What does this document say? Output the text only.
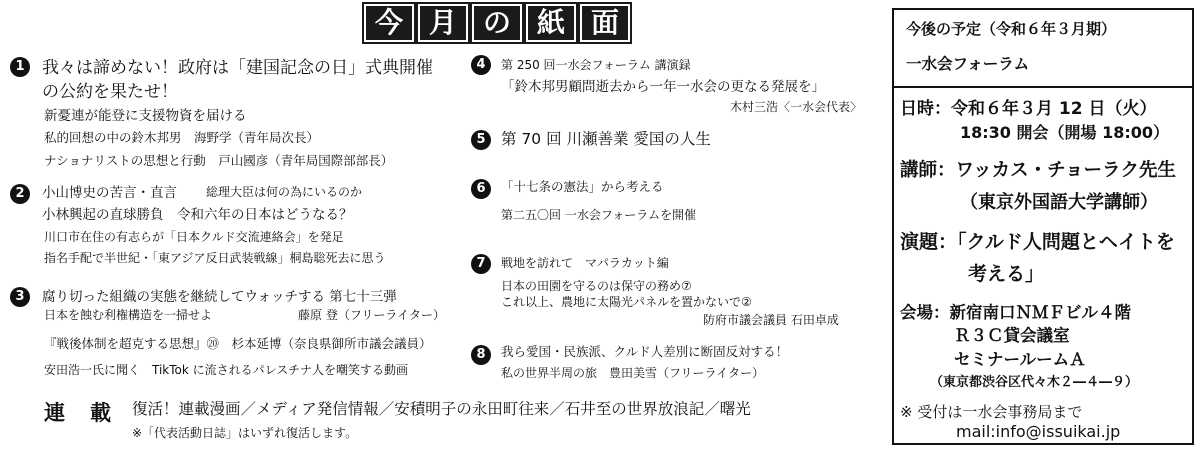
今 月 の 紙 面
1	我々は諦めない！政府は「建国記念の日」式典開催
の公約を果たせ！
新憂連が能登に支援物資を届ける
私的回想の中の鈴木邦男　海野学（青年局次長）
ナショナリストの思想と行動　戸山國彦（青年局国際部部長）
2	小山博史の苦言・直言 総理大臣は何の為にいるのか
小林興起の直球勝負　令和六年の日本はどうなる？
川口市在住の有志らが「日本クルド交流連絡会」を発足
指名手配で半世紀・「東アジア反日武装戦線」桐島聡死去に思う
3	腐り切った組織の実態を継続してウォッチする 第七十三弾
日本を蝕む利権構造を一掃せよ	藤原 登（フリーライター）
『戦後体制を超克する思想』⑳　杉本延博（奈良県御所市議会議員）
安田浩一氏に聞く　TikTok に流されるパレスチナ人を嘲笑する動画
4	第 250 回一水会フォーラム 講演録
「鈴木邦男顧問逝去から一年一水会の更なる発展を」
木村三浩〈一水会代表〉
5 第 70 回 川瀬善業 愛国の人生
6	「十七条の憲法」から考える
第二五〇回 一水会フォーラムを開催
7	戦地を訪れて　マパラカット編
日本の田園を守るのは保守の務め⑦
これ以上、農地に太陽光パネルを置かないで②
防府市議会議員 石田卓成
8	我ら愛国・民族派、クルド人差別に断固反対する！
私の世界半周の旅　豊田美雪（フリーライター）
連　載 復活！連載漫画／メディア発信情報／安積明子の永田町往来／石井至の世界放浪記／曙光
※「代表活動日誌」はいずれ復活します。
今後の予定（令和６年３月期）
一水会フォーラム
日時：令和６年３月 12 日（火）
18:30 開会（開場 18:00）
講師：ワッカス・チョーラク先生
（東京外国語大学講師）
演題：「クルド人問題とヘイトを
考える」
会場：新宿南口ＮＭＦビル４階
Ｒ３Ｃ貸会議室
セミナールームＡ
（東京都渋谷区代々木２―４―９）
※ 受付は一水会事務局まで
mail:info@issuikai.jp
